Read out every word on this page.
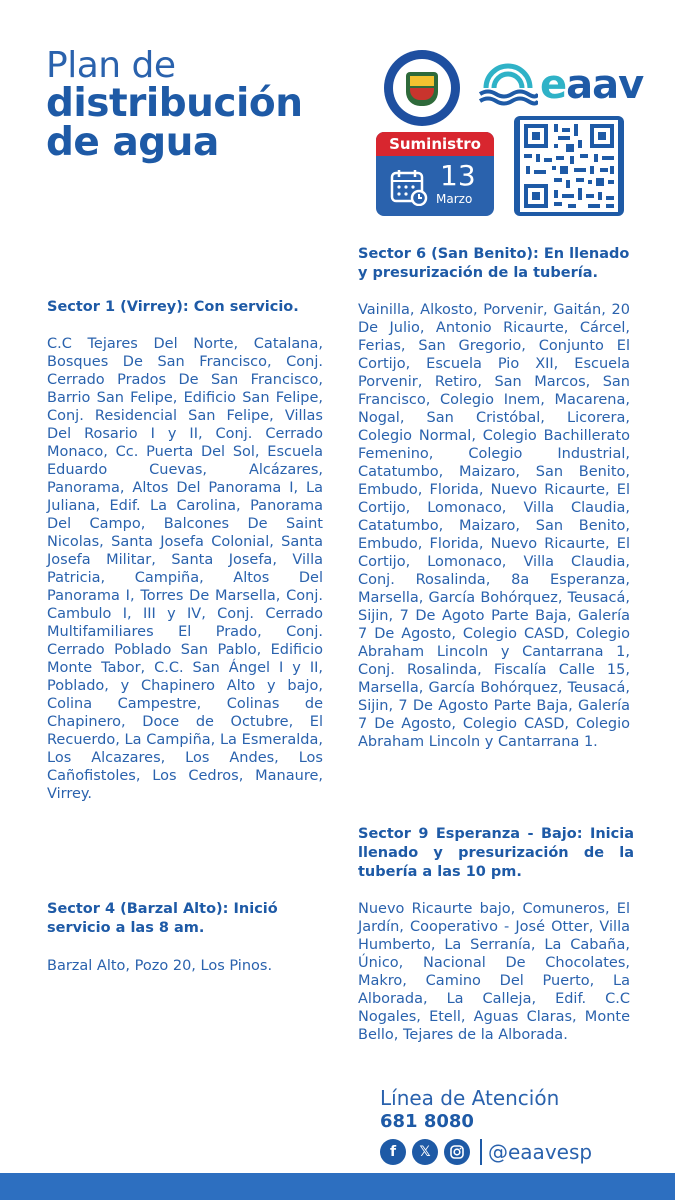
Plan de
distribución
de agua
eaav
Suministro
13
Marzo
Sector 1 (Virrey): Con servicio.
C.C Tejares Del Norte, Catalana, Bosques De San Francisco, Conj. Cerrado Prados De San Francisco, Barrio San Felipe, Edificio San Felipe, Conj. Residencial San Felipe, Villas Del Rosario I y II, Conj. Cerrado Monaco, Cc. Puerta Del Sol, Escuela Eduardo Cuevas, Alcázares, Panorama, Altos Del Panorama I, La Juliana, Edif. La Carolina, Panorama Del Campo, Balcones De Saint Nicolas, Santa Josefa Colonial, Santa Josefa Militar, Santa Josefa, Villa Patricia, Campiña, Altos Del Panorama I, Torres De Marsella, Conj. Cambulo I, III y IV, Conj. Cerrado Multifamiliares El Prado, Conj. Cerrado Poblado San Pablo, Edificio Monte Tabor, C.C. San Ángel I y II, Poblado, y Chapinero Alto y bajo, Colina Campestre, Colinas de Chapinero, Doce de Octubre, El Recuerdo, La Campiña, La Esmeralda, Los Alcazares, Los Andes, Los Cañofistoles, Los Cedros, Manaure, Virrey.
Sector 4 (Barzal Alto): Inició servicio a las 8 am.
Barzal Alto, Pozo 20, Los Pinos.
Sector 6 (San Benito): En llenado y presurización de la tubería.
Vainilla, Alkosto, Porvenir, Gaitán, 20 De Julio, Antonio Ricaurte, Cárcel, Ferias, San Gregorio, Conjunto El Cortijo, Escuela Pio XII, Escuela Porvenir, Retiro, San Marcos, San Francisco, Colegio Inem, Macarena, Nogal, San Cristóbal, Licorera, Colegio Normal, Colegio Bachillerato Femenino, Colegio Industrial, Catatumbo, Maizaro, San Benito, Embudo, Florida, Nuevo Ricaurte, El Cortijo, Lomonaco, Villa Claudia, Catatumbo, Maizaro, San Benito, Embudo, Florida, Nuevo Ricaurte, El Cortijo, Lomonaco, Villa Claudia, Conj. Rosalinda, 8a Esperanza, Marsella, García Bohórquez, Teusacá, Sijin, 7 De Agoto Parte Baja, Galería 7 De Agosto, Colegio CASD, Colegio Abraham Lincoln y Cantarrana 1, Conj. Rosalinda, Fiscalía Calle 15, Marsella, García Bohórquez, Teusacá, Sijin, 7 De Agosto Parte Baja, Galería 7 De Agosto, Colegio CASD, Colegio Abraham Lincoln y Cantarrana 1.
Sector 9 Esperanza - Bajo: Inicia llenado y presurización de la tubería a las 10 pm.
Nuevo Ricaurte bajo, Comuneros, El Jardín, Cooperativo - José Otter, Villa Humberto, La Serranía, La Cabaña, Único, Nacional De Chocolates, Makro, Camino Del Puerto, La Alborada, La Calleja, Edif. C.C Nogales, Etell, Aguas Claras, Monte Bello, Tejares de la Alborada.
Línea de Atención
681 8080
f	𝕏	@eaavesp
